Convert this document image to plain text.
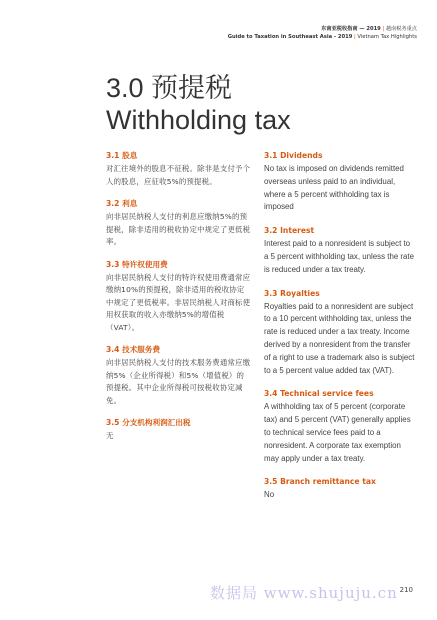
东南亚税收指南 — 2019 | 越南税务重点
Guide to Taxation in Southeast Asia - 2019 | Vietnam Tax Highlights
3.0 预提税
Withholding tax
3.1 股息
对汇往境外的股息不征税。除非是支付予个人的股息，应征收5%的预提税。
3.2 利息
向非居民纳税人支付的利息应缴纳5%的预提税，除非适用的税收协定中规定了更低税率。
3.3 特许权使用费
向非居民纳税人支付的特许权使用费通常应缴纳10%的预提税，除非适用的税收协定中规定了更低税率。非居民纳税人对商标使用权获取的收入亦缴纳5%的增值税（VAT）。
3.4 技术服务费
向非居民纳税人支付的技术服务费通常应缴纳5%（企业所得税）和5%（增值税）的预提税。其中企业所得税可按税收协定减免。
3.5 分支机构利润汇出税
无
3.1 Dividends
No tax is imposed on dividends remitted overseas unless paid to an individual, where a 5 percent withholding tax is imposed
3.2 Interest
Interest paid to a nonresident is subject to a 5 percent withholding tax, unless the rate is reduced under a tax treaty.
3.3 Royalties
Royalties paid to a nonresident are subject to a 10 percent withholding tax, unless the rate is reduced under a tax treaty. Income derived by a nonresident from the transfer of a right to use a trademark also is subject to a 5 percent value added tax (VAT).
3.4 Technical service fees
A withholding tax of 5 percent (corporate tax) and 5 percent (VAT) generally applies to technical service fees paid to a nonresident. A corporate tax exemption may apply under a tax treaty.
3.5 Branch remittance tax
No
数据局 www.shujuju.cn 210
